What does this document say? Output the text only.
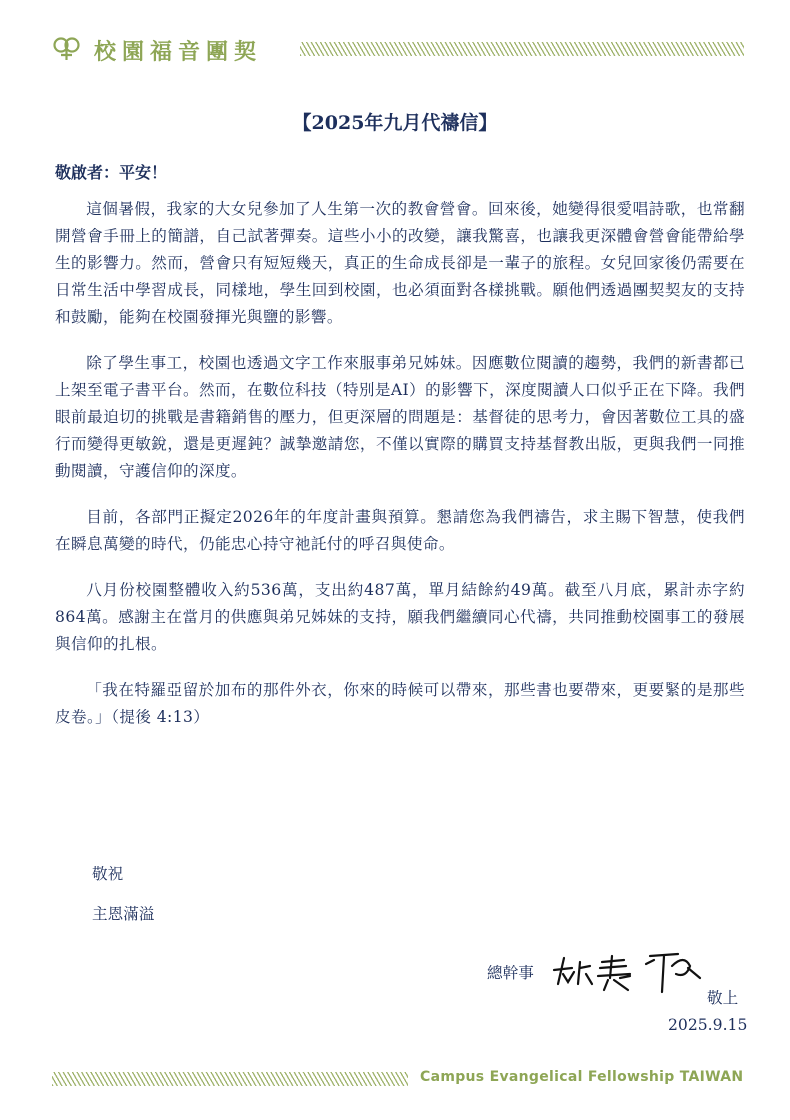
校園福音團契
【2025年九月代禱信】
敬啟者：平安！

這個暑假，我家的大女兒參加了人生第一次的教會營會。回來後，她變得很愛唱詩歌，也常翻開營會手冊上的簡譜，自己試著彈奏。這些小小的改變，讓我驚喜，也讓我更深體會營會能帶給學生的影響力。然而，營會只有短短幾天，真正的生命成長卻是一輩子的旅程。女兒回家後仍需要在日常生活中學習成長，同樣地，學生回到校園，也必須面對各樣挑戰。願他們透過團契契友的支持和鼓勵，能夠在校園發揮光與鹽的影響。

除了學生事工，校園也透過文字工作來服事弟兄姊妹。因應數位閱讀的趨勢，我們的新書都已上架至電子書平台。然而，在數位科技（特別是AI）的影響下，深度閱讀人口似乎正在下降。我們眼前最迫切的挑戰是書籍銷售的壓力，但更深層的問題是：基督徒的思考力，會因著數位工具的盛行而變得更敏銳，還是更遲鈍？誠摯邀請您，不僅以實際的購買支持基督教出版，更與我們一同推動閱讀，守護信仰的深度。

目前，各部門正擬定2026年的年度計畫與預算。懇請您為我們禱告，求主賜下智慧，使我們在瞬息萬變的時代，仍能忠心持守祂託付的呼召與使命。

八月份校園整體收入約536萬，支出約487萬，單月結餘約49萬。截至八月底，累計赤字約 864萬。感謝主在當月的供應與弟兄姊妹的支持，願我們繼續同心代禱，共同推動校園事工的發展與信仰的扎根。

「我在特羅亞留於加布的那件外衣，你來的時候可以帶來，那些書也要帶來，更要緊的是那些皮卷。」（提後 4:13）

敬祝
主恩滿溢
總幹事
敬上
2025.9.15
Campus Evangelical Fellowship TAIWAN
